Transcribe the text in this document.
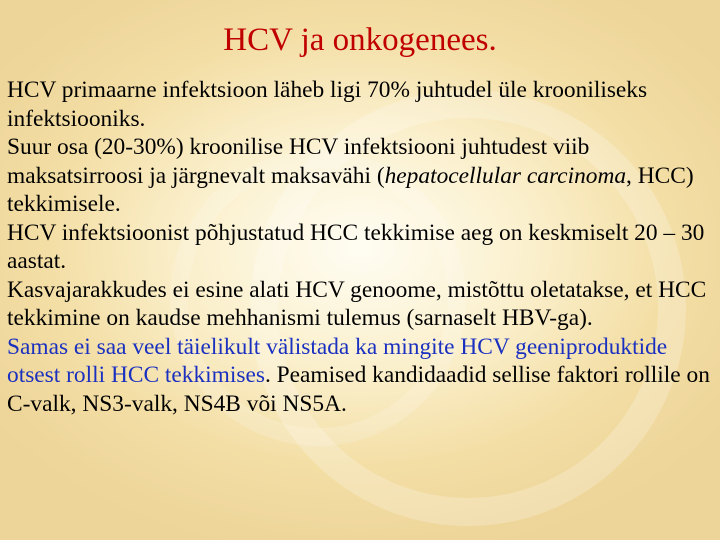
HCV ja onkogenees.

HCV primaarne infektsioon läheb ligi 70% juhtudel üle krooniliseks infektsiooniks.

Suur osa (20-30%) kroonilise HCV infektsiooni juhtudest viib maksatsirroosi ja järgnevalt maksavähi (hepatocellular carcinoma, HCC) tekkimisele.

HCV infektsioonist põhjustatud HCC tekkimise aeg on keskmiselt 20 – 30 aastat.

Kasvajarakkudes ei esine alati HCV genoome, mistõttu oletatakse, et HCC tekkimine on kaudse mehhanismi tulemus (sarnaselt HBV-ga).

Samas ei saa veel täielikult välistada ka mingite HCV geeniproduktide otsest rolli HCC tekkimises. Peamised kandidaadid sellise faktori rollile on C-valk, NS3-valk, NS4B või NS5A.
